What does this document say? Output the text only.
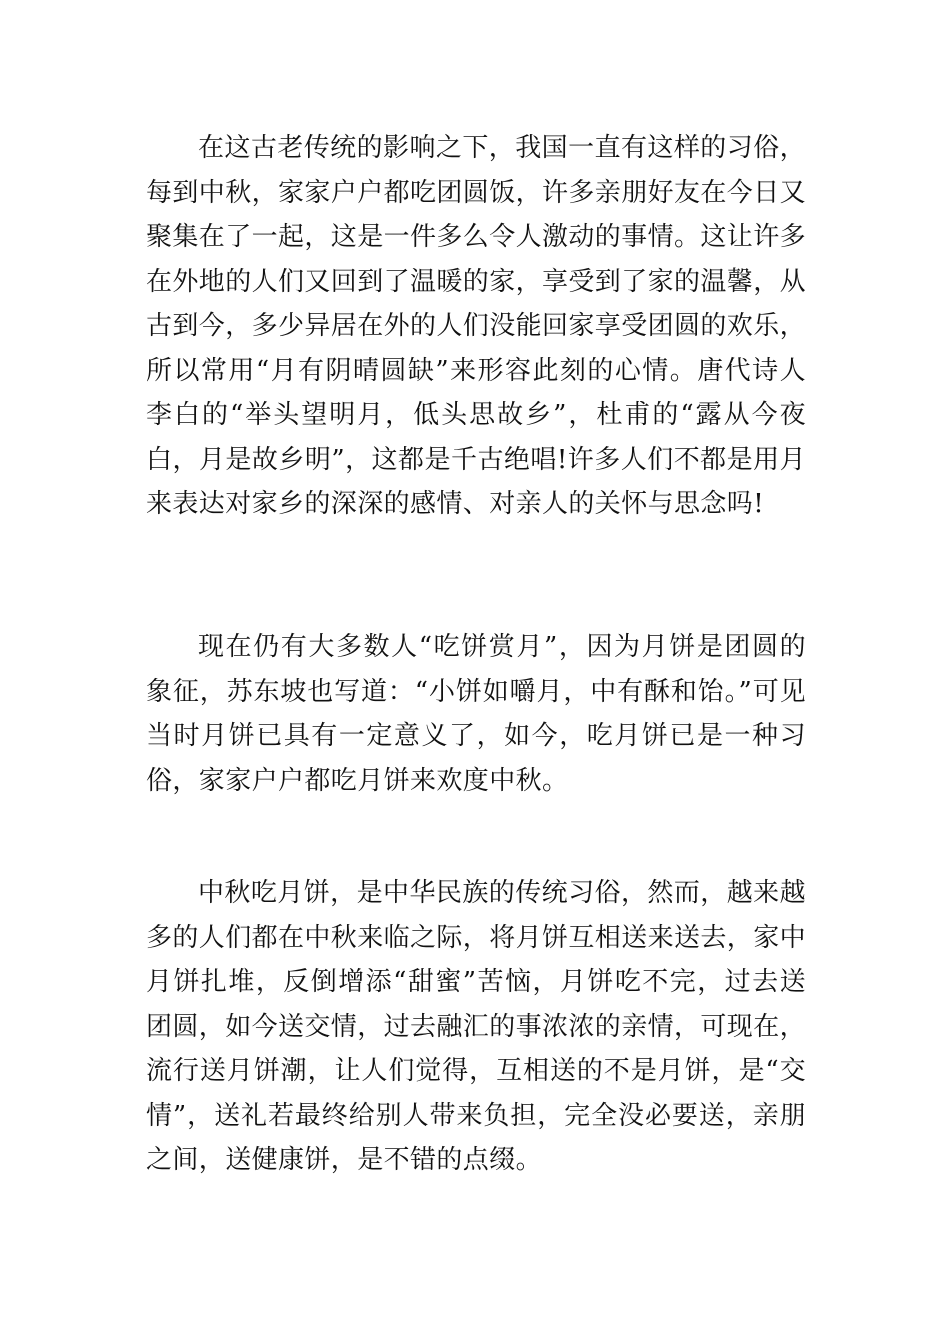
在这古老传统的影响之下，我国一直有这样的习俗，每到中秋，家家户户都吃团圆饭，许多亲朋好友在今日又聚集在了一起，这是一件多么令人激动的事情。这让许多在外地的人们又回到了温暖的家，享受到了家的温馨，从古到今，多少异居在外的人们没能回家享受团圆的欢乐，所以常用“月有阴晴圆缺”来形容此刻的心情。唐代诗人李白的“举头望明月，低头思故乡”，杜甫的“露从今夜白，月是故乡明”，这都是千古绝唱!许多人们不都是用月来表达对家乡的深深的感情、对亲人的关怀与思念吗!

现在仍有大多数人“吃饼赏月”，因为月饼是团圆的象征，苏东坡也写道：“小饼如嚼月，中有酥和饴。”可见当时月饼已具有一定意义了，如今，吃月饼已是一种习俗，家家户户都吃月饼来欢度中秋。

中秋吃月饼，是中华民族的传统习俗，然而，越来越多的人们都在中秋来临之际，将月饼互相送来送去，家中月饼扎堆，反倒增添“甜蜜”苦恼，月饼吃不完，过去送团圆，如今送交情，过去融汇的事浓浓的亲情，可现在，流行送月饼潮，让人们觉得，互相送的不是月饼，是“交情”，送礼若最终给别人带来负担，完全没必要送，亲朋之间，送健康饼，是不错的点缀。
